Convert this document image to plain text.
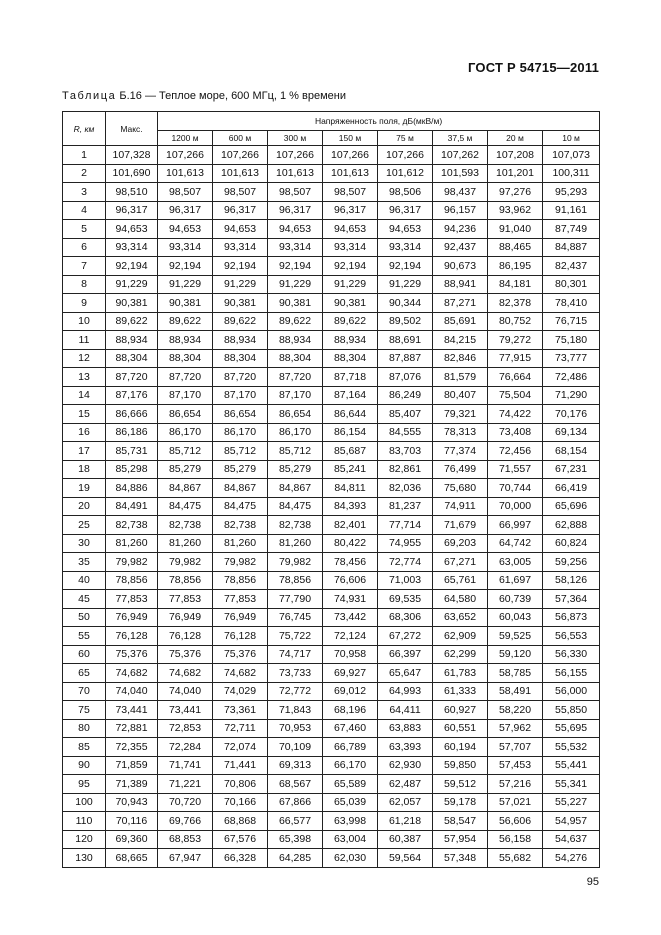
ГОСТ Р 54715—2011
Таблица Б.16 — Теплое море, 600 МГц, 1 % времени
R, км	Макс.	Напряженность поля, дБ(мкВ/м)							
		1200 м	600 м	300 м	150 м	75 м	37,5 м	20 м	10 м
1	107,328	107,266	107,266	107,266	107,266	107,266	107,262	107,208	107,073
2	101,690	101,613	101,613	101,613	101,613	101,612	101,593	101,201	100,311
3	98,510	98,507	98,507	98,507	98,507	98,506	98,437	97,276	95,293
4	96,317	96,317	96,317	96,317	96,317	96,317	96,157	93,962	91,161
5	94,653	94,653	94,653	94,653	94,653	94,653	94,236	91,040	87,749
6	93,314	93,314	93,314	93,314	93,314	93,314	92,437	88,465	84,887
7	92,194	92,194	92,194	92,194	92,194	92,194	90,673	86,195	82,437
8	91,229	91,229	91,229	91,229	91,229	91,229	88,941	84,181	80,301
9	90,381	90,381	90,381	90,381	90,381	90,344	87,271	82,378	78,410
10	89,622	89,622	89,622	89,622	89,622	89,502	85,691	80,752	76,715
11	88,934	88,934	88,934	88,934	88,934	88,691	84,215	79,272	75,180
12	88,304	88,304	88,304	88,304	88,304	87,887	82,846	77,915	73,777
13	87,720	87,720	87,720	87,720	87,718	87,076	81,579	76,664	72,486
14	87,176	87,170	87,170	87,170	87,164	86,249	80,407	75,504	71,290
15	86,666	86,654	86,654	86,654	86,644	85,407	79,321	74,422	70,176
16	86,186	86,170	86,170	86,170	86,154	84,555	78,313	73,408	69,134
17	85,731	85,712	85,712	85,712	85,687	83,703	77,374	72,456	68,154
18	85,298	85,279	85,279	85,279	85,241	82,861	76,499	71,557	67,231
19	84,886	84,867	84,867	84,867	84,811	82,036	75,680	70,744	66,419
20	84,491	84,475	84,475	84,475	84,393	81,237	74,911	70,000	65,696
25	82,738	82,738	82,738	82,738	82,401	77,714	71,679	66,997	62,888
30	81,260	81,260	81,260	81,260	80,422	74,955	69,203	64,742	60,824
35	79,982	79,982	79,982	79,982	78,456	72,774	67,271	63,005	59,256
40	78,856	78,856	78,856	78,856	76,606	71,003	65,761	61,697	58,126
45	77,853	77,853	77,853	77,790	74,931	69,535	64,580	60,739	57,364
50	76,949	76,949	76,949	76,745	73,442	68,306	63,652	60,043	56,873
55	76,128	76,128	76,128	75,722	72,124	67,272	62,909	59,525	56,553
60	75,376	75,376	75,376	74,717	70,958	66,397	62,299	59,120	56,330
65	74,682	74,682	74,682	73,733	69,927	65,647	61,783	58,785	56,155
70	74,040	74,040	74,029	72,772	69,012	64,993	61,333	58,491	56,000
75	73,441	73,441	73,361	71,843	68,196	64,411	60,927	58,220	55,850
80	72,881	72,853	72,711	70,953	67,460	63,883	60,551	57,962	55,695
85	72,355	72,284	72,074	70,109	66,789	63,393	60,194	57,707	55,532
90	71,859	71,741	71,441	69,313	66,170	62,930	59,850	57,453	55,441
95	71,389	71,221	70,806	68,567	65,589	62,487	59,512	57,216	55,341
100	70,943	70,720	70,166	67,866	65,039	62,057	59,178	57,021	55,227
110	70,116	69,766	68,868	66,577	63,998	61,218	58,547	56,606	54,957
120	69,360	68,853	67,576	65,398	63,004	60,387	57,954	56,158	54,637
130	68,665	67,947	66,328	64,285	62,030	59,564	57,348	55,682	54,276
95
